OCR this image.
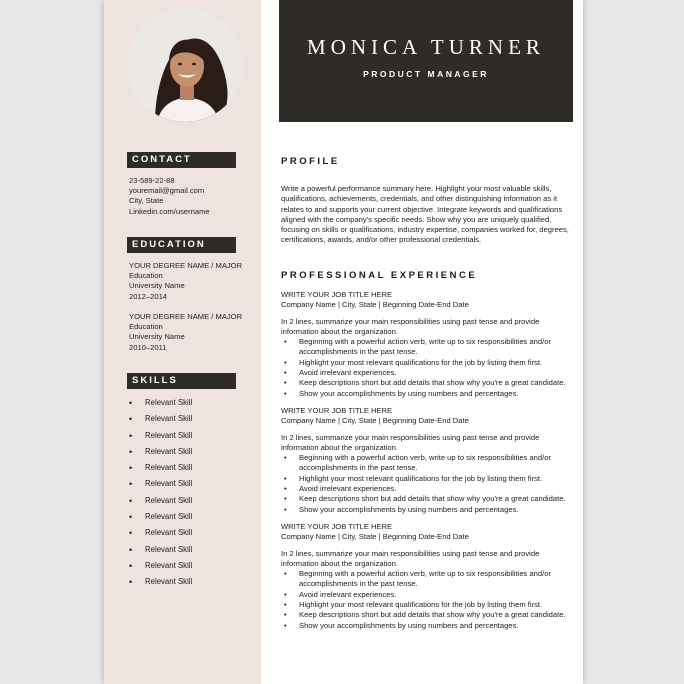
CONTACT
23-589-22-88
youremail@gmail.com
City, State
Linkedin.com/username
EDUCATION
YOUR DEGREE NAME / MAJOR
Education
University Name
2012–2014
YOUR DEGREE NAME / MAJOR
Education
University Name
2010–2011
SKILLS
• Relevant Skill
• Relevant Skill
• Relevant Skill
• Relevant Skill
• Relevant Skill
• Relevant Skill
• Relevant Skill
• Relevant Skill
• Relevant Skill
• Relevant Skill
• Relevant Skill
• Relevant Skill
MONICA TURNER
PRODUCT MANAGER
PROFILE
Write a powerful performance summary here. Highlight your most valuable skills, qualifications, achievements, credentials, and other distinguishing information as it relates to and supports your current objective. Integrate keywords and qualifications aligned with the company's specific needs. Show why you are uniquely qualified, focusing on skills or qualifications, industry expertise, companies worked for, degrees, certifications, awards, and/or other professional credentials.
PROFESSIONAL EXPERIENCE

WRITE YOUR JOB TITLE HERE

Company Name | City, State | Beginning Date-End Date

In 2 lines, summarize your main responsibilities using past tense and provide information about the organization.

• Beginning with a powerful action verb, write up to six responsibilities and/or accomplishments in the past tense.
• Highlight your most relevant qualifications for the job by listing them first.
• Avoid irrelevant experiences.
• Keep descriptions short but add details that show why you're a great candidate.
• Show your accomplishments by using numbers and percentages.

WRITE YOUR JOB TITLE HERE

Company Name | City, State | Beginning Date-End Date

In 2 lines, summarize your main responsibilities using past tense and provide information about the organization.

• Beginning with a powerful action verb, write up to six responsibilities and/or accomplishments in the past tense.
• Highlight your most relevant qualifications for the job by listing them first.
• Avoid irrelevant experiences.
• Keep descriptions short but add details that show why you're a great candidate.
• Show your accomplishments by using numbers and percentages.

WRITE YOUR JOB TITLE HERE

Company Name | City, State | Beginning Date-End Date

In 2 lines, summarize your main responsibilities using past tense and provide information about the organization.

• Beginning with a powerful action verb, write up to six responsibilities and/or accomplishments in the past tense.
• Avoid irrelevant experiences.
• Highlight your most relevant qualifications for the job by listing them first.
• Keep descriptions short but add details that show why you're a great candidate.
• Show your accomplishments by using numbers and percentages.
